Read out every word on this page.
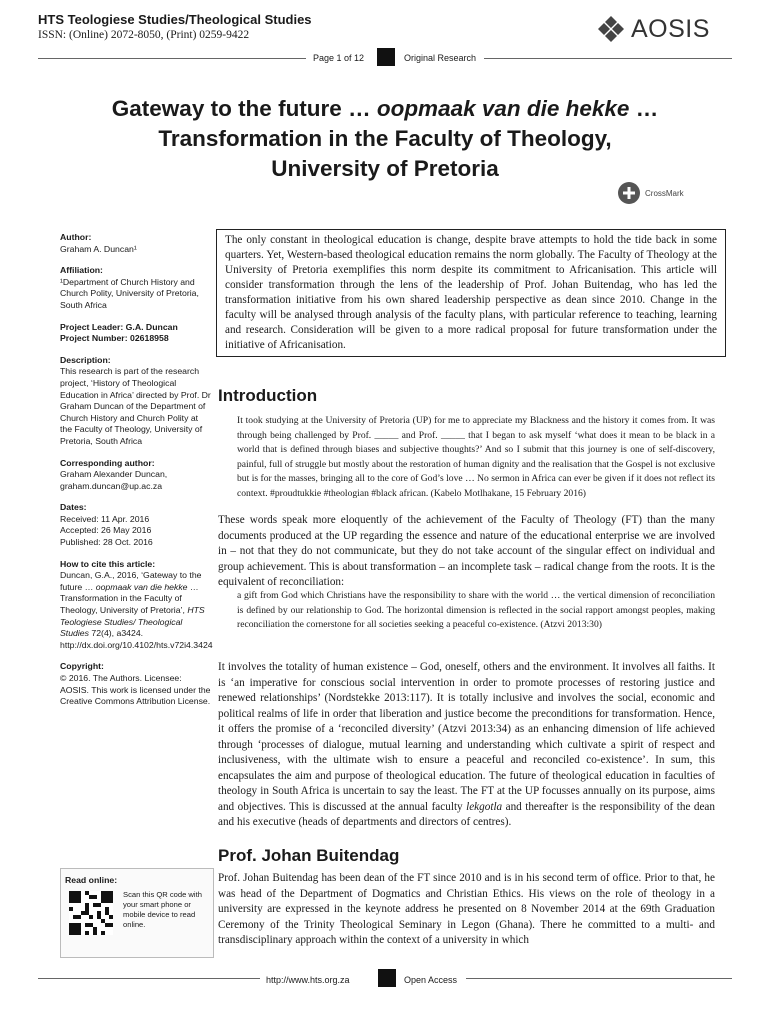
HTS Teologiese Studies/Theological Studies
ISSN: (Online) 2072-8050, (Print) 0259-9422	AOSIS
Page 1 of 12	Original Research
Gateway to the future … oopmaak van die hekke …
Transformation in the Faculty of Theology,
University of Pretoria
CrossMark
Author:
Graham A. Duncan¹
Affiliation:
¹Department of Church History and Church Polity, University of Pretoria, South Africa
Project Leader: G.A. Duncan
Project Number: 02618958
Description:
This research is part of the research project, ‘History of Theological Education in Africa’ directed by Prof. Dr Graham Duncan of the Department of Church History and Church Polity at the Faculty of Theology, University of Pretoria, South Africa
Corresponding author:
Graham Alexander Duncan,
graham.duncan@up.ac.za
Dates:
Received: 11 Apr. 2016
Accepted: 26 May 2016
Published: 28 Oct. 2016
How to cite this article:
Duncan, G.A., 2016, ‘Gateway to the future … oopmaak van die hekke … Transformation in the Faculty of Theology, University of Pretoria’, HTS Teologiese Studies/ Theological Studies 72(4), a3424. http://dx.doi.org/10.4102/hts.v72i4.3424
Copyright:
© 2016. The Authors. Licensee: AOSIS. This work is licensed under the Creative Commons Attribution License.
Read online:
Scan this QR code with your smart phone or mobile device to read online.
The only constant in theological education is change, despite brave attempts to hold the tide back in some quarters. Yet, Western-based theological education remains the norm globally. The Faculty of Theology at the University of Pretoria exemplifies this norm despite its commitment to Africanisation. This article will consider transformation through the lens of the leadership of Prof. Johan Buitendag, who has led the transformation initiative from his own shared leadership perspective as dean since 2010. Change in the faculty will be analysed through analysis of the faculty plans, with particular reference to teaching, learning and research. Consideration will be given to a more radical proposal for future transformation under the initiative of Africanisation.
Introduction
It took studying at the University of Pretoria (UP) for me to appreciate my Blackness and the history it comes from. It was through being challenged by Prof. _____ and Prof. _____ that I began to ask myself ‘what does it mean to be black in a world that is defined through biases and subjective thoughts?’ And so I submit that this journey is one of self-discovery, painful, full of struggle but mostly about the restoration of human dignity and the realisation that the Gospel is not exclusive but is for the masses, bringing all to the core of God’s love … No sermon in Africa can ever be given if it does not reflect its context. #proudtukkie #theologian #black african. (Kabelo Motlhakane, 15 February 2016)

These words speak more eloquently of the achievement of the Faculty of Theology (FT) than the many documents produced at the UP regarding the essence and nature of the educational enterprise we are involved in – not that they do not communicate, but they do not take account of the singular effect on individual and group achievement. This is about transformation – an incomplete task – radical change from the roots. It is the equivalent of reconciliation:

a gift from God which Christians have the responsibility to share with the world … the vertical dimension of reconciliation is defined by our relationship to God. The horizontal dimension is reflected in the social rapport amongst peoples, making reconciliation the cornerstone for all societies seeking a peaceful co-existence. (Atzvi 2013:30)

It involves the totality of human existence – God, oneself, others and the environment. It involves all faiths. It is ‘an imperative for conscious social intervention in order to promote processes of restoring justice and renewed relationships’ (Nordstekke 2013:117). It is totally inclusive and involves the social, economic and political realms of life in order that liberation and justice become the preconditions for transformation. Hence, it offers the promise of a ‘reconciled diversity’ (Atzvi 2013:34) as an enhancing dimension of life achieved through ‘processes of dialogue, mutual learning and understanding which cultivate a spirit of respect and inclusiveness, with the ultimate wish to ensure a peaceful and reconciled co-existence’. In sum, this encapsulates the aim and purpose of theological education. The future of theological education in faculties of theology in South Africa is uncertain to say the least. The FT at the UP focusses annually on its purpose, aims and objectives. This is discussed at the annual faculty lekgotla and thereafter is the responsibility of the dean and his executive (heads of departments and directors of centres).

Prof. Johan Buitendag

Prof. Johan Buitendag has been dean of the FT since 2010 and is in his second term of office. Prior to that, he was head of the Department of Dogmatics and Christian Ethics. His views on the role of theology in a university are expressed in the keynote address he presented on 8 November 2014 at the 69th Graduation Ceremony of the Trinity Theological Seminary in Legon (Ghana). There he committed to a multi- and transdisciplinary approach within the context of a university in which

http://www.hts.org.za	Open Access
